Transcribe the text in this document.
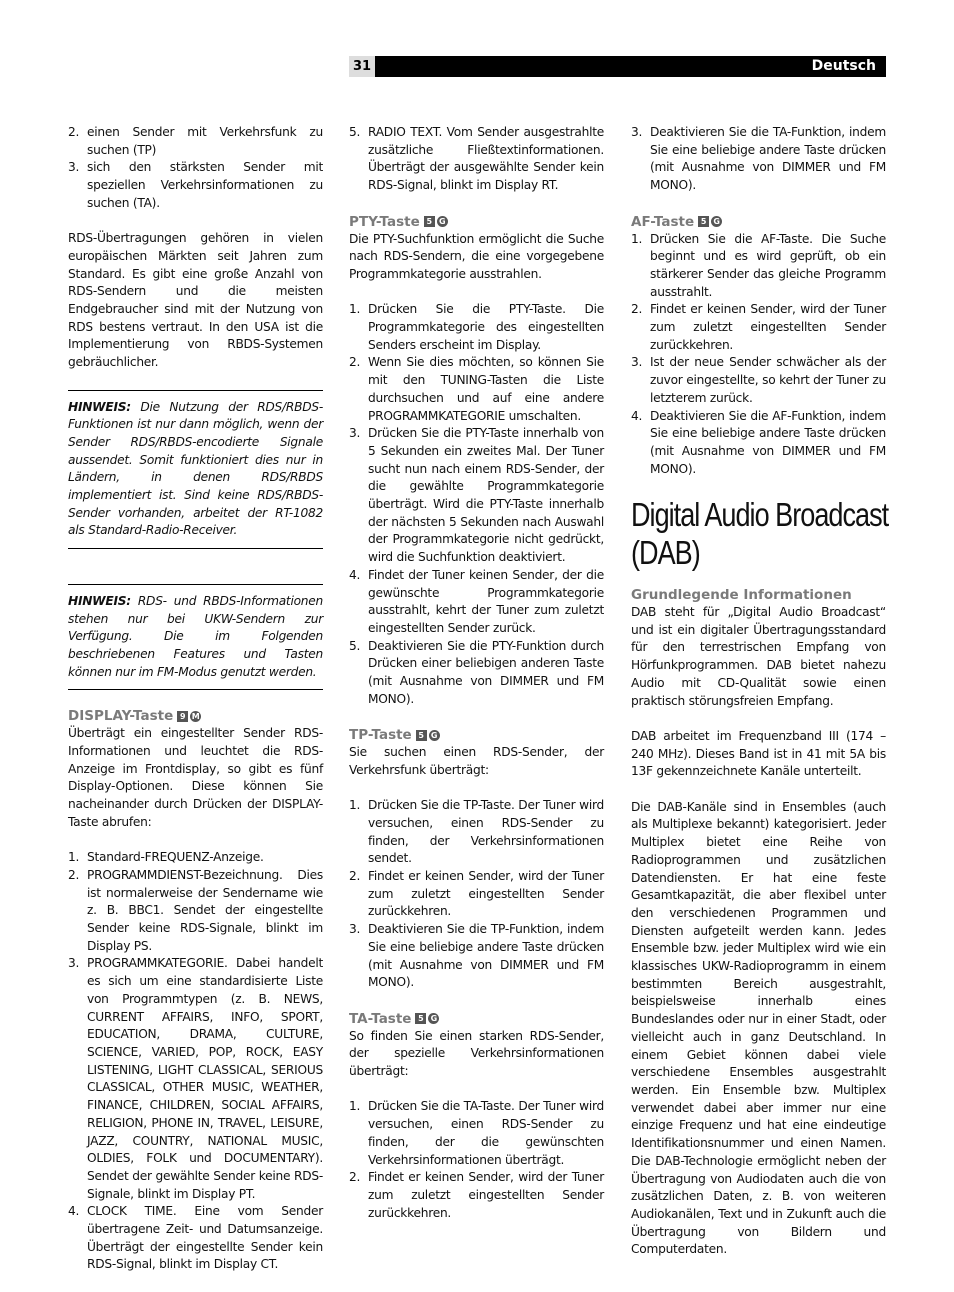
31	Deutsch
2. einen Sender mit Verkehrsfunk zu suchen (TP)
3. sich den stärksten Sender mit speziellen Verkehrsinformationen zu suchen (TA).

RDS-Übertragungen gehören in vielen europäischen Märkten seit Jahren zum Standard. Es gibt eine große Anzahl von RDS-Sendern und die meisten Endgebraucher sind mit der Nutzung von RDS bestens vertraut. In den USA ist die Implementierung von RBDS-Systemen gebräuchlicher.

HINWEIS: Die Nutzung der RDS/RBDS-Funktionen ist nur dann möglich, wenn der Sender RDS/RBDS-encodierte Signale aussendet. Somit funktioniert dies nur in Ländern, in denen RDS/RBDS implementiert ist. Sind keine RDS/RBDS-Sender vorhanden, arbeitet der RT-1082 als Standard-Radio-Receiver.
HINWEIS: RDS- und RBDS-Informationen stehen nur bei UKW-Sendern zur Verfügung. Die im Folgenden beschriebenen Features und Tasten können nur im FM-Modus genutzt werden.
DISPLAY-Taste 9 M

Überträgt ein eingestellter Sender RDS-Informationen und leuchtet die RDS-Anzeige im Frontdisplay, so gibt es fünf Display-Optionen. Diese können Sie nacheinander durch Drücken der DISPLAY-Taste abrufen:

1. Standard-FREQUENZ-Anzeige.
2. PROGRAMMDIENST-Bezeichnung. Dies ist normalerweise der Sendername wie z. B. BBC1. Sendet der eingestellte Sender keine RDS-Signale, blinkt im Display PS.
3. PROGRAMMKATEGORIE. Dabei handelt es sich um eine standardisierte Liste von Programmtypen (z. B. NEWS, CURRENT AFFAIRS, INFO, SPORT, EDUCATION, DRAMA, CULTURE, SCIENCE, VARIED, POP, ROCK, EASY LISTENING, LIGHT CLASSICAL, SERIOUS CLASSICAL, OTHER MUSIC, WEATHER, FINANCE, CHILDREN, SOCIAL AFFAIRS, RELIGION, PHONE IN, TRAVEL, LEISURE, JAZZ, COUNTRY, NATIONAL MUSIC, OLDIES, FOLK und DOCUMENTARY). Sendet der gewählte Sender keine RDS-Signale, blinkt im Display PT.
4. CLOCK TIME. Eine vom Sender übertragene Zeit- und Datumsanzeige. Überträgt der eingestellte Sender kein RDS-Signal, blinkt im Display CT.
5. RADIO TEXT. Vom Sender ausgestrahlte zusätzliche Fließtextinformationen. Überträgt der ausgewählte Sender kein RDS-Signal, blinkt im Display RT.
PTY-Taste 5 G

Die PTY-Suchfunktion ermöglicht die Suche nach RDS-Sendern, die eine vorgegebene Programmkategorie ausstrahlen.

1. Drücken Sie die PTY-Taste. Die Programmkategorie des eingestellten Senders erscheint im Display.
2. Wenn Sie dies möchten, so können Sie mit den TUNING-Tasten die Liste durchsuchen und auf eine andere PROGRAMMKATEGORIE umschalten.
3. Drücken Sie die PTY-Taste innerhalb von 5 Sekunden ein zweites Mal. Der Tuner sucht nun nach einem RDS-Sender, der die gewählte Programmkategorie überträgt. Wird die PTY-Taste innerhalb der nächsten 5 Sekunden nach Auswahl der Programmkategorie nicht gedrückt, wird die Suchfunktion deaktiviert.
4. Findet der Tuner keinen Sender, der die gewünschte Programmkategorie ausstrahlt, kehrt der Tuner zum zuletzt eingestellten Sender zurück.
5. Deaktivieren Sie die PTY-Funktion durch Drücken einer beliebigen anderen Taste (mit Ausnahme von DIMMER und FM MONO).
TP-Taste 5 G

Sie suchen einen RDS-Sender, der Verkehrsfunk überträgt:

1. Drücken Sie die TP-Taste. Der Tuner wird versuchen, einen RDS-Sender zu finden, der Verkehrsinformationen sendet.
2. Findet er keinen Sender, wird der Tuner zum zuletzt eingestellten Sender zurückkehren.
3. Deaktivieren Sie die TP-Funktion, indem Sie eine beliebige andere Taste drücken (mit Ausnahme von DIMMER und FM MONO).
TA-Taste 5 G

So finden Sie einen starken RDS-Sender, der spezielle Verkehrsinformationen überträgt:

1. Drücken Sie die TA-Taste. Der Tuner wird versuchen, einen RDS-Sender zu finden, der die gewünschten Verkehrsinformationen überträgt.
2. Findet er keinen Sender, wird der Tuner zum zuletzt eingestellten Sender zurückkehren.
3. Deaktivieren Sie die TA-Funktion, indem Sie eine beliebige andere Taste drücken (mit Ausnahme von DIMMER und FM MONO).
AF-Taste 5 G
1. Drücken Sie die AF-Taste. Die Suche beginnt und es wird geprüft, ob ein stärkerer Sender das gleiche Programm ausstrahlt.
2. Findet er keinen Sender, wird der Tuner zum zuletzt eingestellten Sender zurückkehren.
3. Ist der neue Sender schwächer als der zuvor eingestellte, so kehrt der Tuner zu letzterem zurück.
4. Deaktivieren Sie die AF-Funktion, indem Sie eine beliebige andere Taste drücken (mit Ausnahme von DIMMER und FM MONO).
Digital Audio Broadcast (DAB)
Grundlegende Informationen

DAB steht für „Digital Audio Broadcast“ und ist ein digitaler Übertragungsstandard für den terrestrischen Empfang von Hörfunkprogrammen. DAB bietet nahezu Audio mit CD-Qualität sowie einen praktisch störungsfreien Empfang.

DAB arbeitet im Frequenzband III (174 – 240 MHz). Dieses Band ist in 41 mit 5A bis 13F gekennzeichnete Kanäle unterteilt.

Die DAB-Kanäle sind in Ensembles (auch als Multiplexe bekannt) kategorisiert. Jeder Multiplex bietet eine Reihe von Radioprogrammen und zusätzlichen Datendiensten. Er hat eine feste Gesamtkapazität, die aber flexibel unter den verschiedenen Programmen und Diensten aufgeteilt werden kann. Jedes Ensemble bzw. jeder Multiplex wird wie ein klassisches UKW-Radioprogramm in einem bestimmten Bereich ausgestrahlt, beispielsweise innerhalb eines Bundeslandes oder nur in einer Stadt, oder vielleicht auch in ganz Deutschland. In einem Gebiet können dabei viele verschiedene Ensembles ausgestrahlt werden. Ein Ensemble bzw. Multiplex verwendet dabei aber immer nur eine einzige Frequenz und hat eine eindeutige Identifikationsnummer und einen Namen. Die DAB-Technologie ermöglicht neben der Übertragung von Audiodaten auch die von zusätzlichen Daten, z. B. von weiteren Audiokanälen, Text und in Zukunft auch die Übertragung von Bildern und Computerdaten.
